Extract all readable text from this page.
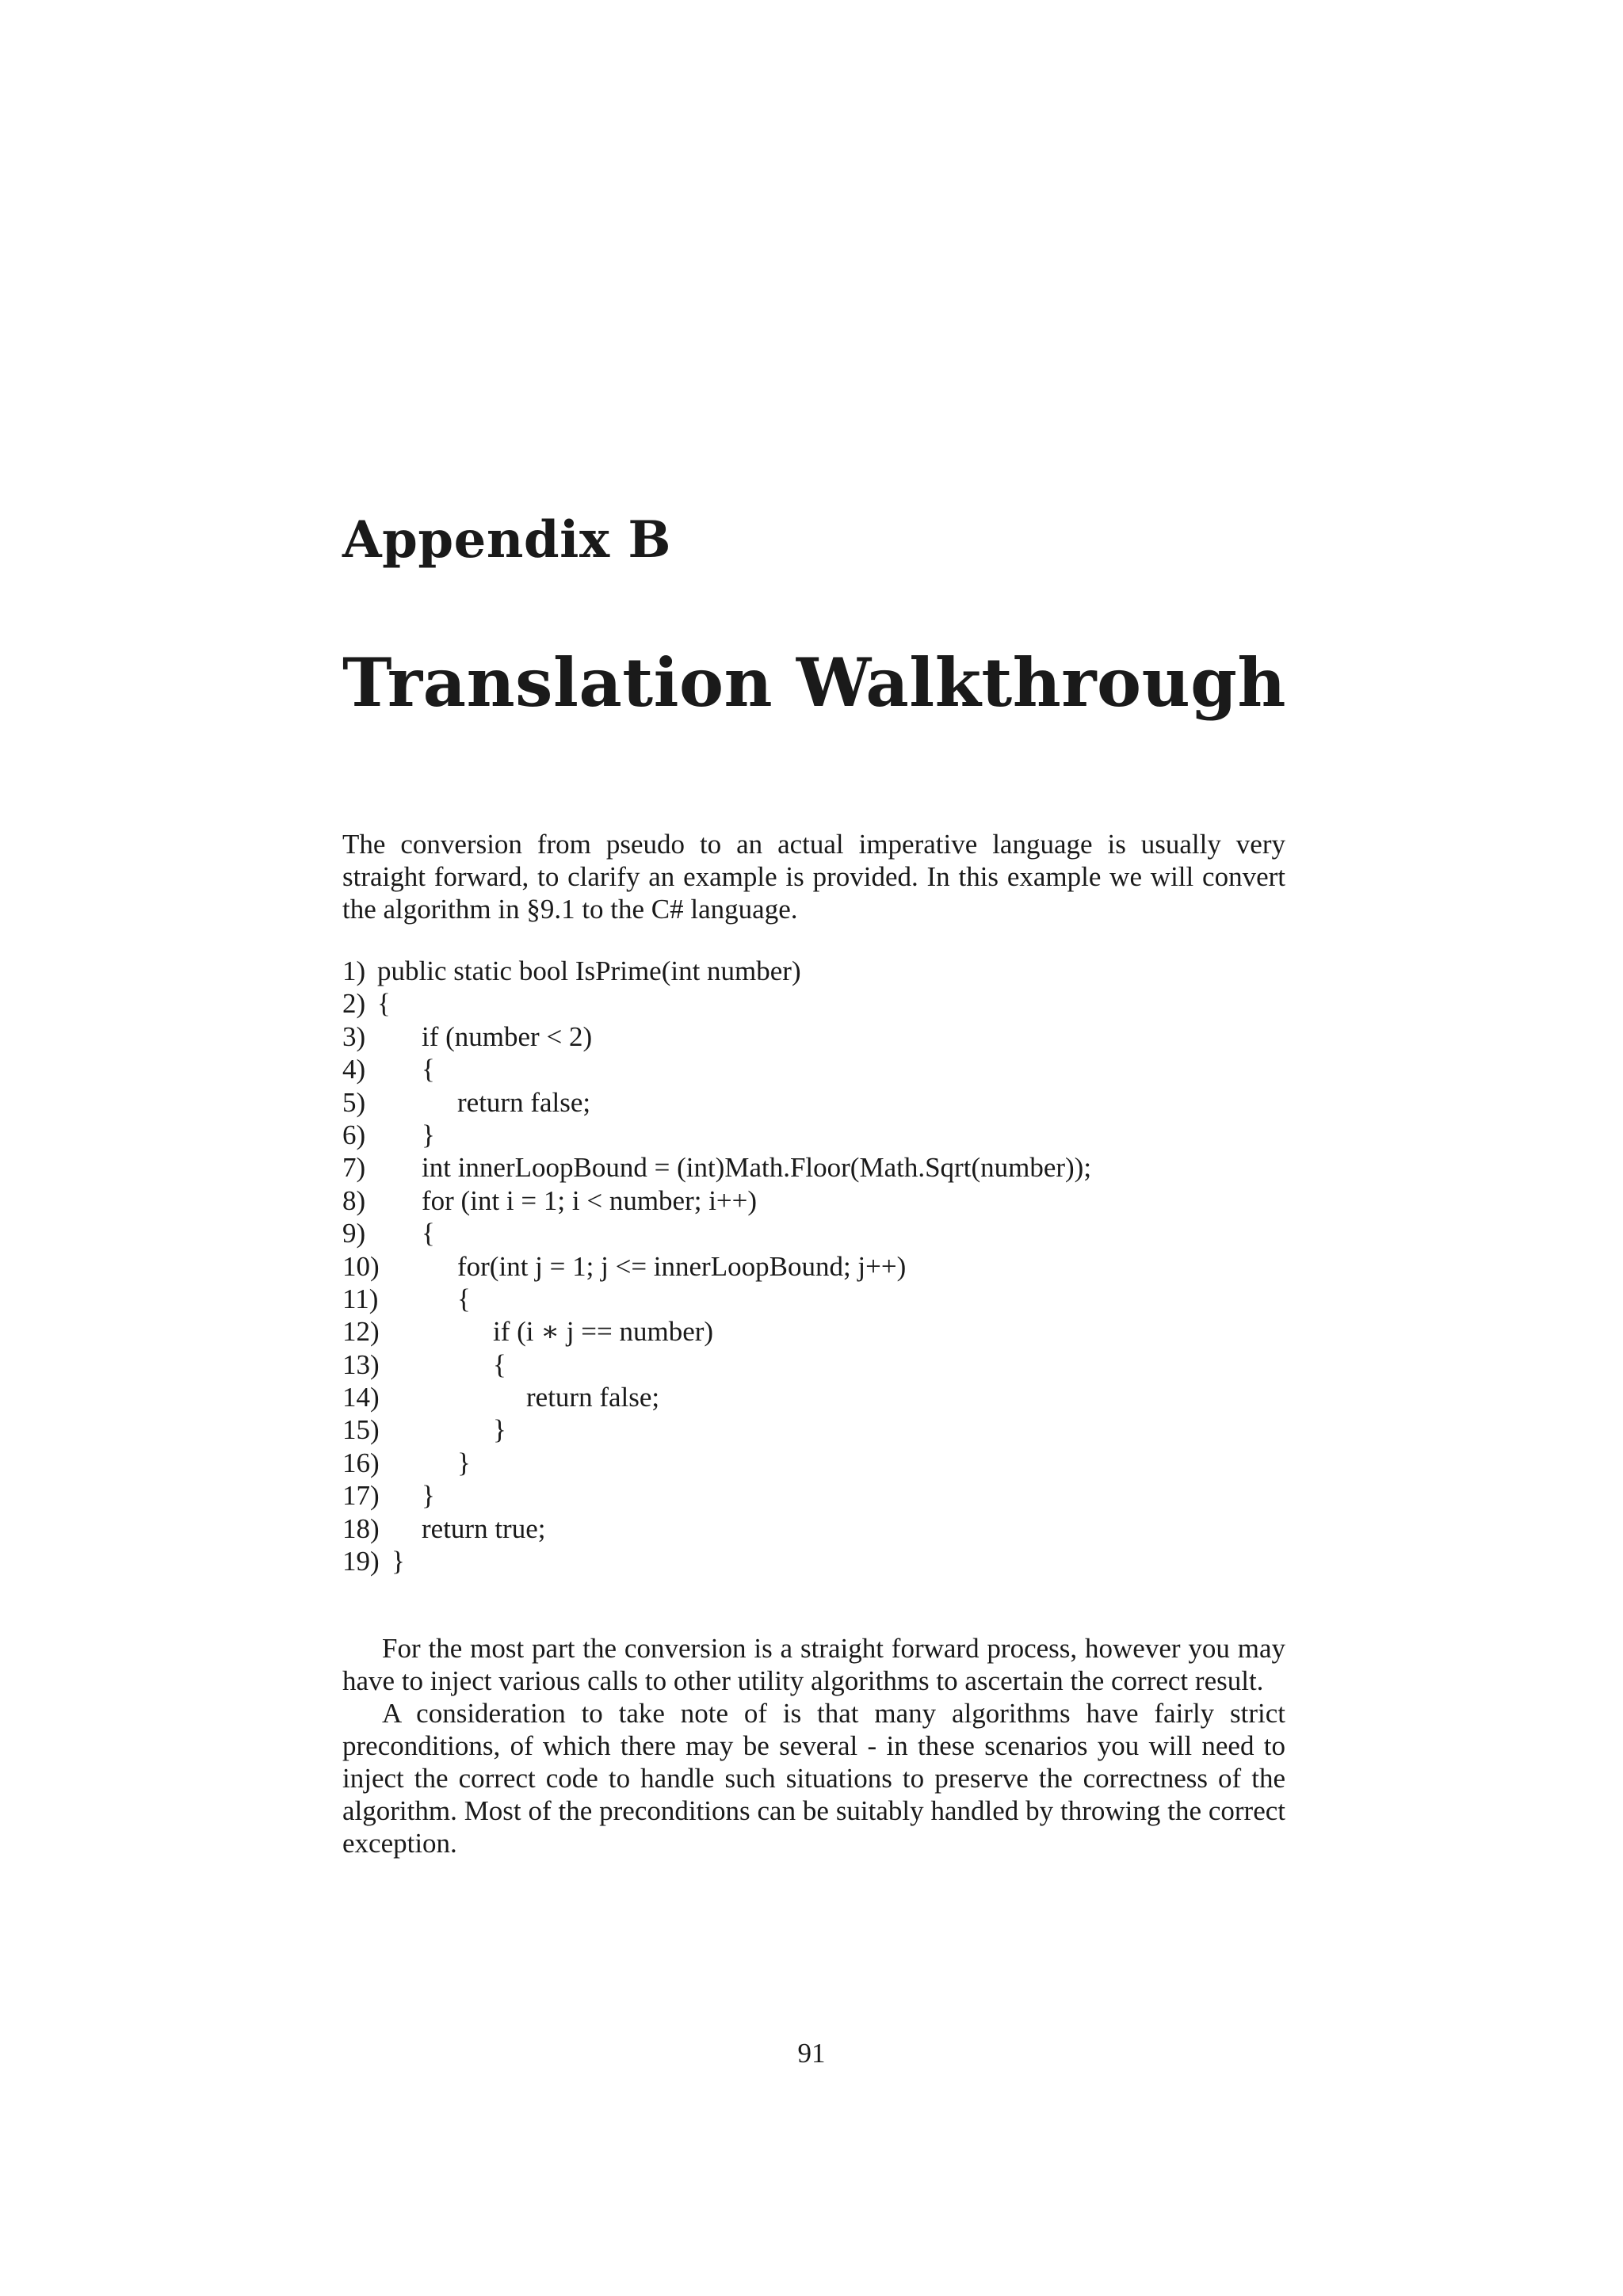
Appendix B
Translation Walkthrough

The conversion from pseudo to an actual imperative language is usually very straight forward, to clarify an example is provided. In this example we will convert the algorithm in §9.1 to the C# language.

1) public static bool IsPrime(int number)
2) {
3) if (number < 2)
4) {
5)	return false;
6) }
7) int innerLoopBound = (int)Math.Floor(Math.Sqrt(number));
8) for (int i = 1; i < number; i++)
9) {
10)	for(int j = 1; j <= innerLoopBound; j++)
11)	{
12)	if (i ∗ j == number)
13)	{
14)	return false;
15)	}
16)	}
17) }
18) return true;
19) }

For the most part the conversion is a straight forward process, however you may have to inject various calls to other utility algorithms to ascertain the correct result.

A consideration to take note of is that many algorithms have fairly strict preconditions, of which there may be several - in these scenarios you will need to inject the correct code to handle such situations to preserve the correctness of the algorithm. Most of the preconditions can be suitably handled by throwing the correct exception.

91
